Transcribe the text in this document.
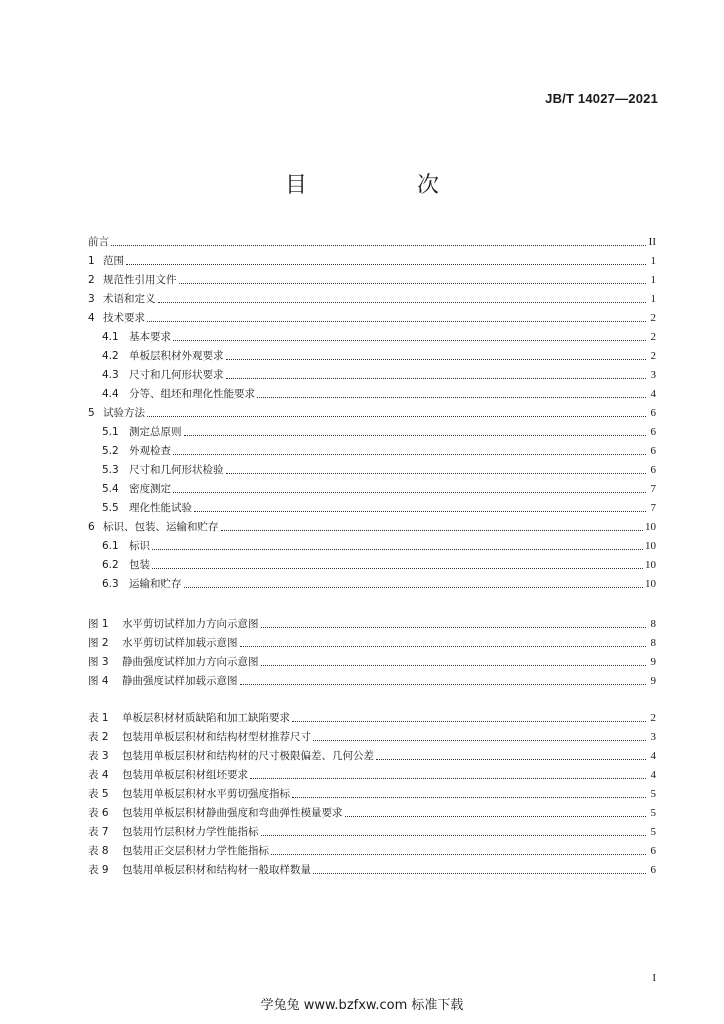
JB/T 14027—2021
目　次
前言	II
1 范围	1
2 规范性引用文件	1
3 术语和定义	1
4 技术要求	2
4.1 基本要求	2
4.2 单板层积材外观要求	2
4.3 尺寸和几何形状要求	3
4.4 分等、组坯和理化性能要求	4
5 试验方法	6
5.1 测定总原则	6
5.2 外观检查	6
5.3 尺寸和几何形状检验	6
5.4 密度测定	7
5.5 理化性能试验	7
6 标识、包装、运输和贮存	10
6.1 标识	10
6.2 包装	10
6.3 运输和贮存	10
图 1	水平剪切试样加力方向示意图	8
图 2	水平剪切试样加载示意图	8
图 3	静曲强度试样加力方向示意图	9
图 4	静曲强度试样加载示意图	9
表 1	单板层积材材质缺陷和加工缺陷要求	2
表 2	包装用单板层积材和结构材型材推荐尺寸	3
表 3	包装用单板层积材和结构材的尺寸极限偏差、几何公差	4
表 4	包装用单板层积材组坯要求	4
表 5	包装用单板层积材水平剪切强度指标	5
表 6	包装用单板层积材静曲强度和弯曲弹性模量要求	5
表 7	包装用竹层积材力学性能指标	5
表 8	包装用正交层积材力学性能指标	6
表 9	包装用单板层积材和结构材一般取样数量	6
I
学兔兔 www.bzfxw.com 标准下载
